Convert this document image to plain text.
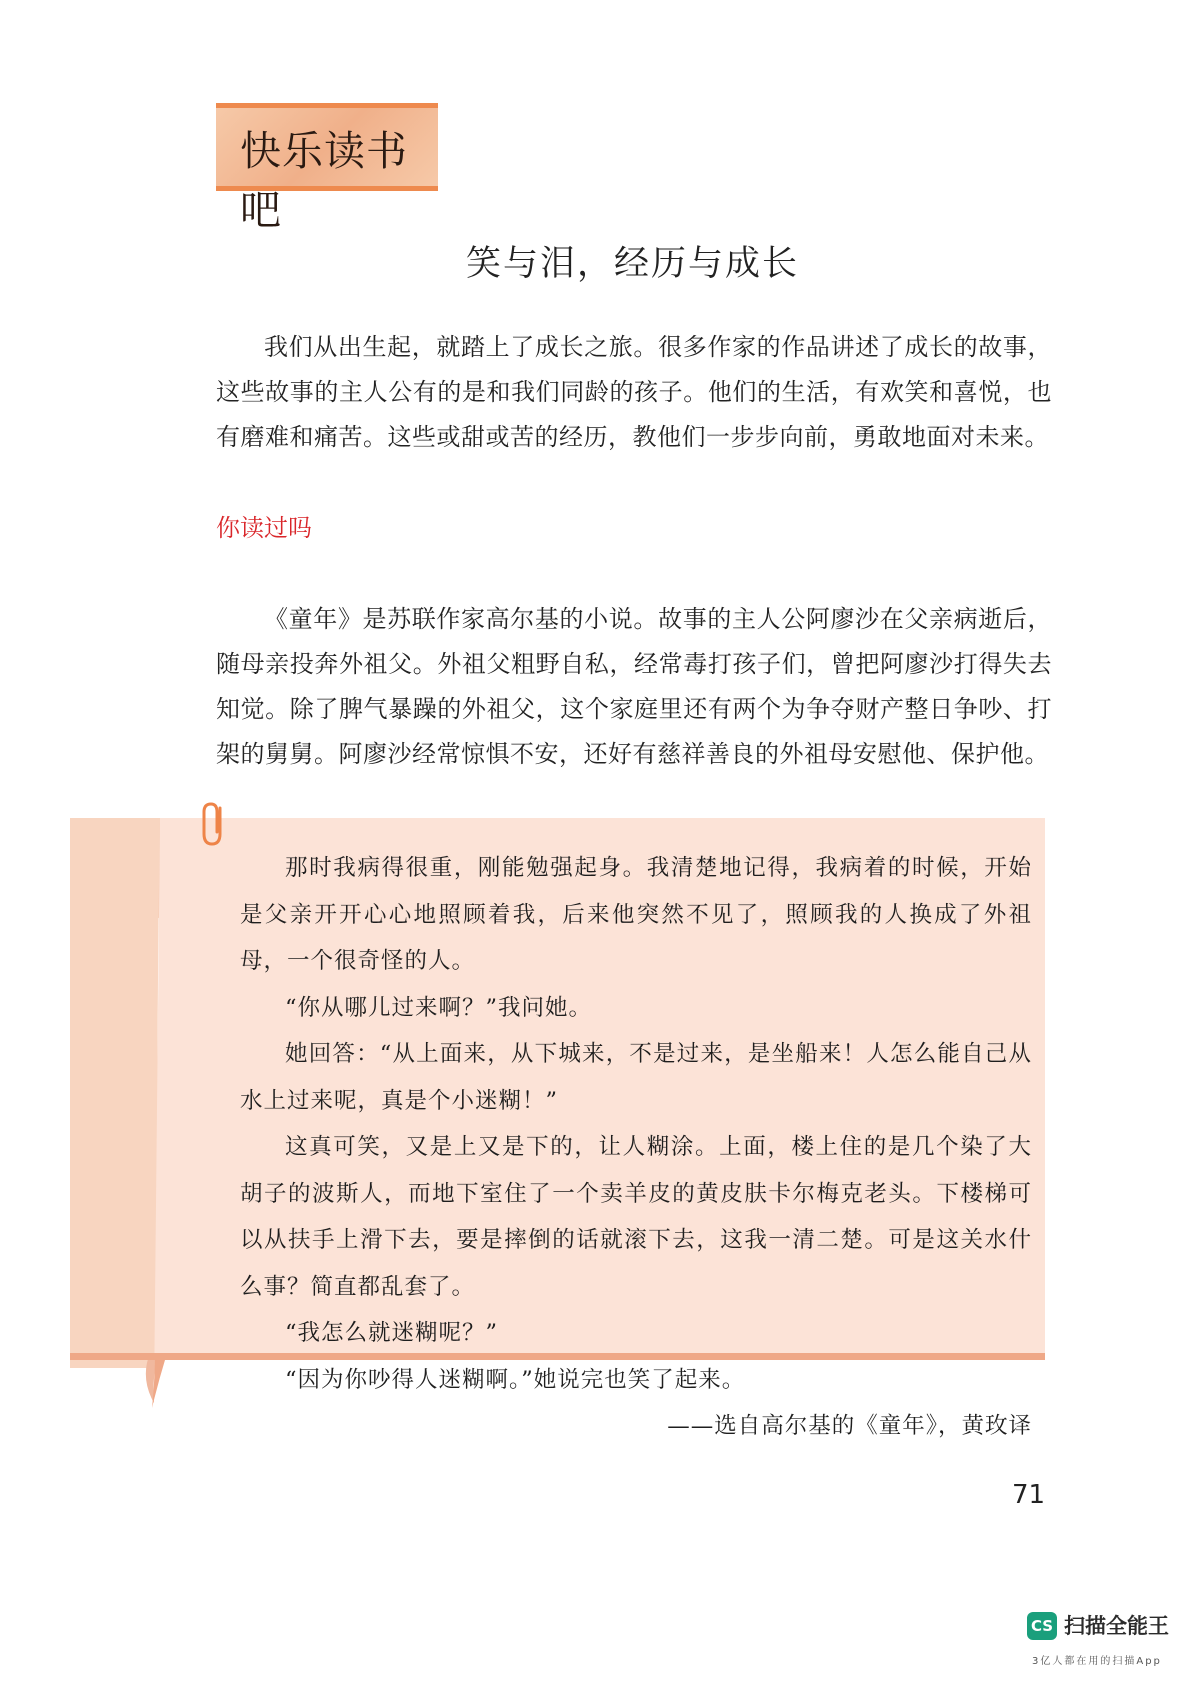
快乐读书吧
笑与泪，经历与成长

我们从出生起，就踏上了成长之旅。很多作家的作品讲述了成长的故事，这些故事的主人公有的是和我们同龄的孩子。他们的生活，有欢笑和喜悦，也有磨难和痛苦。这些或甜或苦的经历，教他们一步步向前，勇敢地面对未来。

你读过吗

《童年》是苏联作家高尔基的小说。故事的主人公阿廖沙在父亲病逝后，随母亲投奔外祖父。外祖父粗野自私，经常毒打孩子们，曾把阿廖沙打得失去知觉。除了脾气暴躁的外祖父，这个家庭里还有两个为争夺财产整日争吵、打架的舅舅。阿廖沙经常惊惧不安，还好有慈祥善良的外祖母安慰他、保护他。

那时我病得很重，刚能勉强起身。我清楚地记得，我病着的时候，开始是父亲开开心心地照顾着我，后来他突然不见了，照顾我的人换成了外祖母，一个很奇怪的人。

“你从哪儿过来啊？”我问她。

她回答：“从上面来，从下城来，不是过来，是坐船来！人怎么能自己从水上过来呢，真是个小迷糊！”

这真可笑，又是上又是下的，让人糊涂。上面，楼上住的是几个染了大胡子的波斯人，而地下室住了一个卖羊皮的黄皮肤卡尔梅克老头。下楼梯可以从扶手上滑下去，要是摔倒的话就滚下去，这我一清二楚。可是这关水什么事？简直都乱套了。

“我怎么就迷糊呢？”

“因为你吵得人迷糊啊。”她说完也笑了起来。

——选自高尔基的《童年》，黄玫译

71
CS 扫描全能王
3亿人都在用的扫描App
